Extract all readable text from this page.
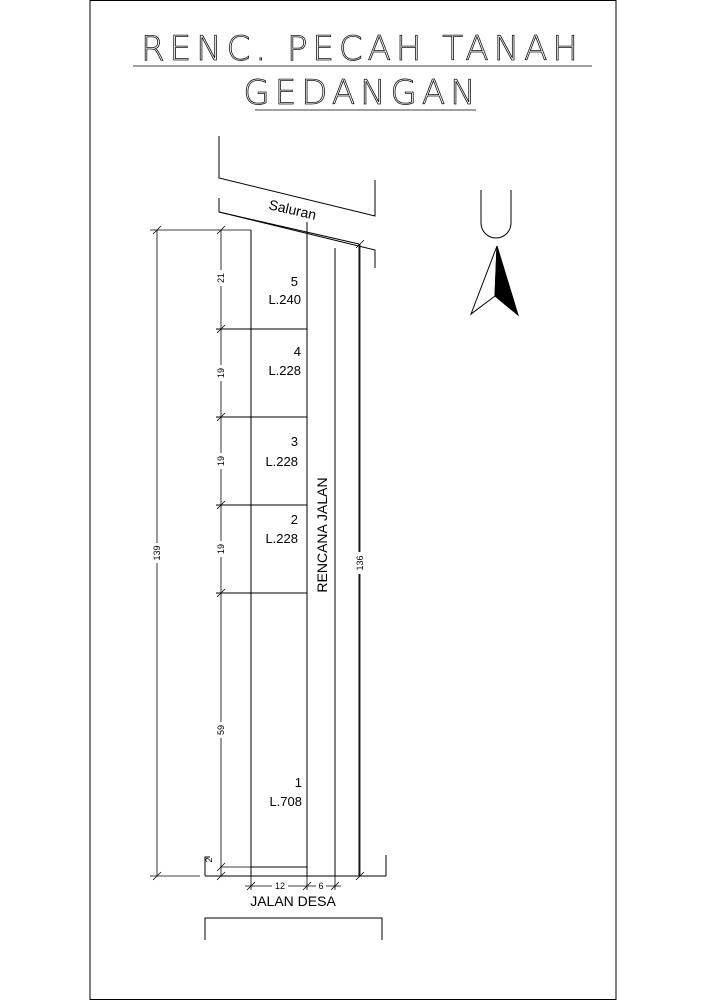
RENC. PECAH TANAH
GEDANGAN
Saluran
139
21
19
19
19
59
2
136
12	6
5
L.240
4
L.228
3
L.228
2
L.228
1
L.708
RENCANA JALAN
JALAN DESA
